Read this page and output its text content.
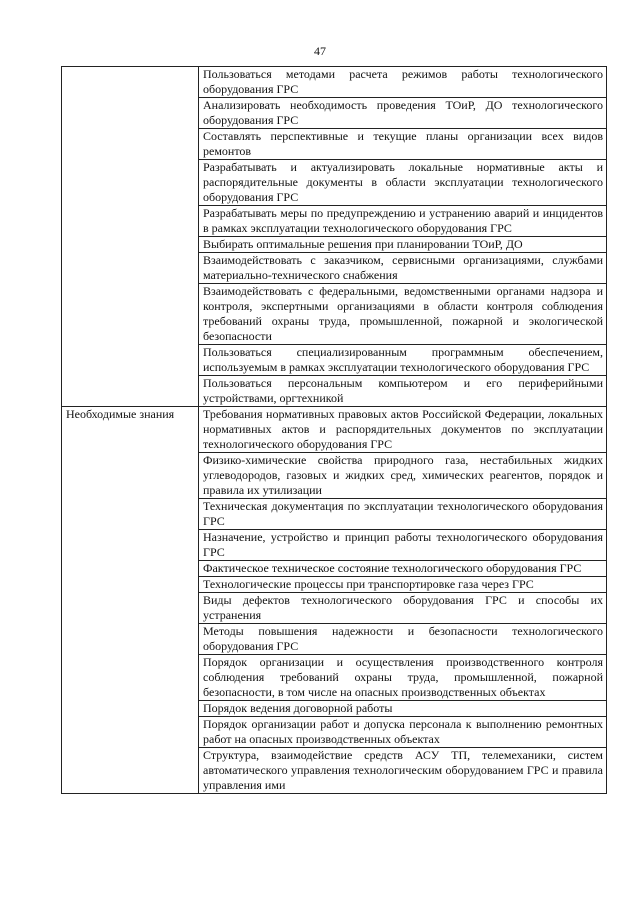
47
	Пользоваться методами расчета режимов работы технологического оборудования ГРС
	Анализировать необходимость проведения ТОиР, ДО технологического оборудования ГРС
	Составлять перспективные и текущие планы организации всех видов ремонтов
	Разрабатывать и актуализировать локальные нормативные акты и распорядительные документы в области эксплуатации технологического оборудования ГРС
	Разрабатывать меры по предупреждению и устранению аварий и инцидентов в рамках эксплуатации технологического оборудования ГРС
	Выбирать оптимальные решения при планировании ТОиР, ДО
	Взаимодействовать с заказчиком, сервисными организациями, службами материально-технического снабжения
	Взаимодействовать с федеральными, ведомственными органами надзора и контроля, экспертными организациями в области контроля соблюдения требований охраны труда, промышленной, пожарной и экологической безопасности
	Пользоваться специализированным программным обеспечением, используемым в рамках эксплуатации технологического оборудования ГРС
	Пользоваться персональным компьютером и его периферийными устройствами, оргтехникой
Необходимые знания	Требования нормативных правовых актов Российской Федерации, локальных нормативных актов и распорядительных документов по эксплуатации технологического оборудования ГРС
	Физико-химические свойства природного газа, нестабильных жидких углеводородов, газовых и жидких сред, химических реагентов, порядок и правила их утилизации
	Техническая документация по эксплуатации технологического оборудования ГРС
	Назначение, устройство и принцип работы технологического оборудования ГРС
	Фактическое техническое состояние технологического оборудования ГРС
	Технологические процессы при транспортировке газа через ГРС
	Виды дефектов технологического оборудования ГРС и способы их устранения
	Методы повышения надежности и безопасности технологического оборудования ГРС
	Порядок организации и осуществления производственного контроля соблюдения требований охраны труда, промышленной, пожарной безопасности, в том числе на опасных производственных объектах
	Порядок ведения договорной работы
	Порядок организации работ и допуска персонала к выполнению ремонтных работ на опасных производственных объектах
	Структура, взаимодействие средств АСУ ТП, телемеханики, систем автоматического управления технологическим оборудованием ГРС и правила управления ими
